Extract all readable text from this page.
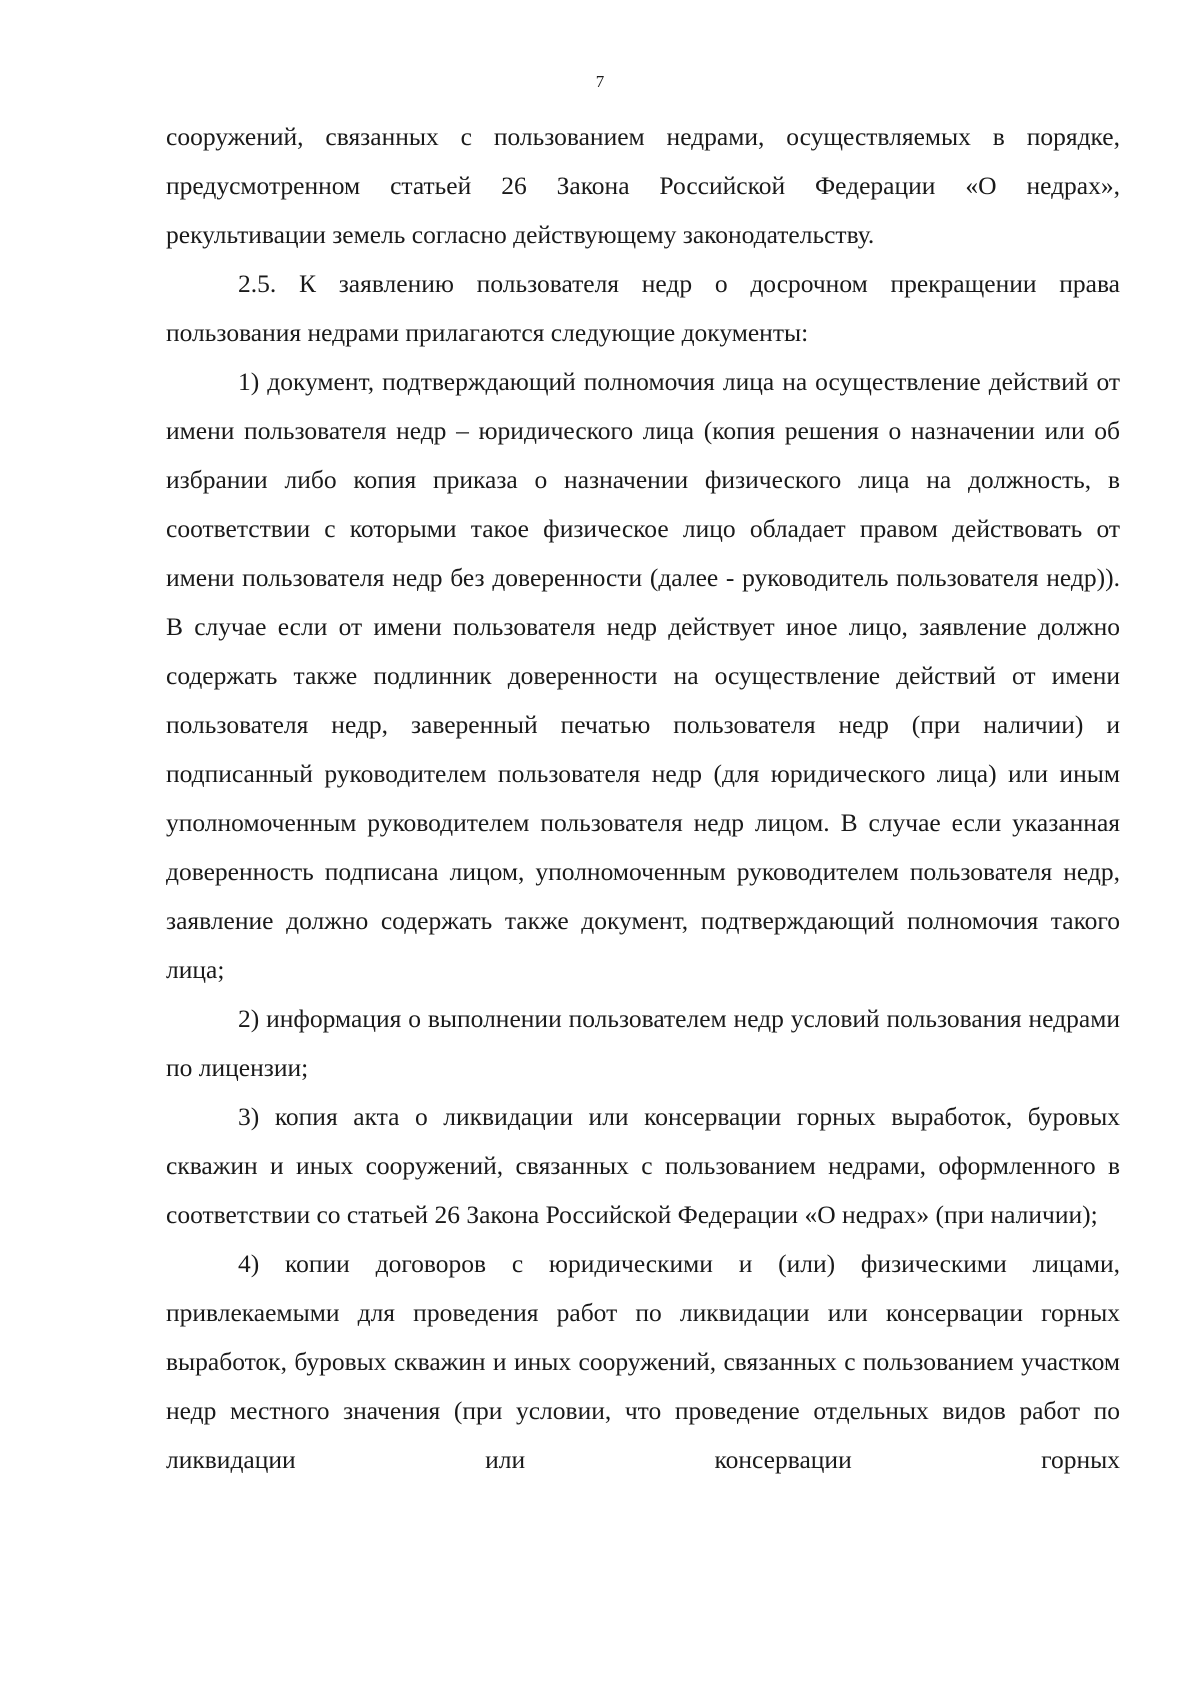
7

сооружений, связанных с пользованием недрами, осуществляемых в порядке, предусмотренном статьей 26 Закона Российской Федерации «О недрах», рекультивации земель согласно действующему законодательству.

2.5. К заявлению пользователя недр о досрочном прекращении права пользования недрами прилагаются следующие документы:

1) документ, подтверждающий полномочия лица на осуществление действий от имени пользователя недр – юридического лица (копия решения о назначении или об избрании либо копия приказа о назначении физического лица на должность, в соответствии с которыми такое физическое лицо обладает правом действовать от имени пользователя недр без доверенности (далее - руководитель пользователя недр)). В случае если от имени пользователя недр действует иное лицо, заявление должно содержать также подлинник доверенности на осуществление действий от имени пользователя недр, заверенный печатью пользователя недр (при наличии) и подписанный руководителем пользователя недр (для юридического лица) или иным уполномоченным руководителем пользователя недр лицом. В случае если указанная доверенность подписана лицом, уполномоченным руководителем пользователя недр, заявление должно содержать также документ, подтверждающий полномочия такого лица;

2) информация о выполнении пользователем недр условий пользования недрами по лицензии;

3) копия акта о ликвидации или консервации горных выработок, буровых скважин и иных сооружений, связанных с пользованием недрами, оформленного в соответствии со статьей 26 Закона Российской Федерации «О недрах» (при наличии);

4) копии договоров с юридическими и (или) физическими лицами, привлекаемыми для проведения работ по ликвидации или консервации горных выработок, буровых скважин и иных сооружений, связанных с пользованием участком недр местного значения (при условии, что проведение отдельных видов работ по ликвидации или консервации горных
